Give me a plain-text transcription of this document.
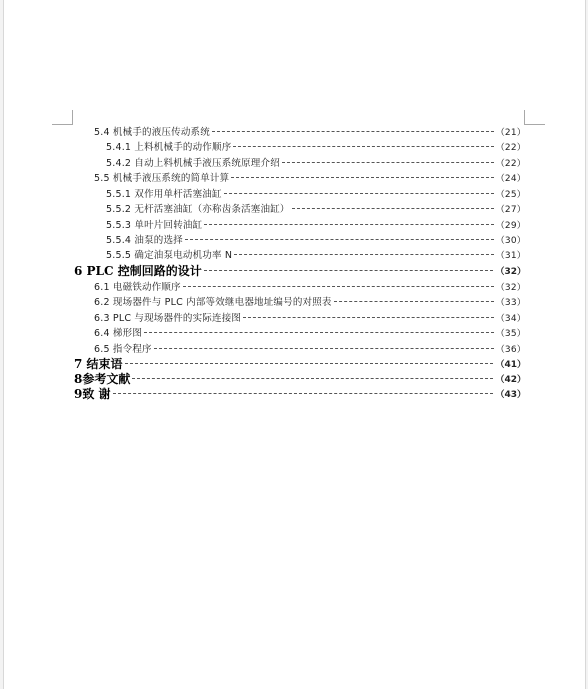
5.4 机械手的液压传动系统	（21）
5.4.1 上料机械手的动作顺序	（22）
5.4.2 自动上料机械手液压系统原理介绍	（22）
5.5 机械手液压系统的简单计算	（24）
5.5.1 双作用单杆活塞油缸	（25）
5.5.2 无杆活塞油缸（亦称齿条活塞油缸）	（27）
5.5.3 单叶片回转油缸	（29）
5.5.4 油泵的选择	（30）
5.5.5 确定油泵电动机功率 N	（31）
6 PLC 控制回路的设计	（32）
6.1 电磁铁动作顺序	（32）
6.2 现场器件与 PLC 内部等效继电器地址编号的对照表	（33）
6.3 PLC 与现场器件的实际连接图	（34）
6.4 梯形图	（35）
6.5 指令程序	（36）
7 结束语	（41）
8参考文献	（42）
9致 谢	（43）
